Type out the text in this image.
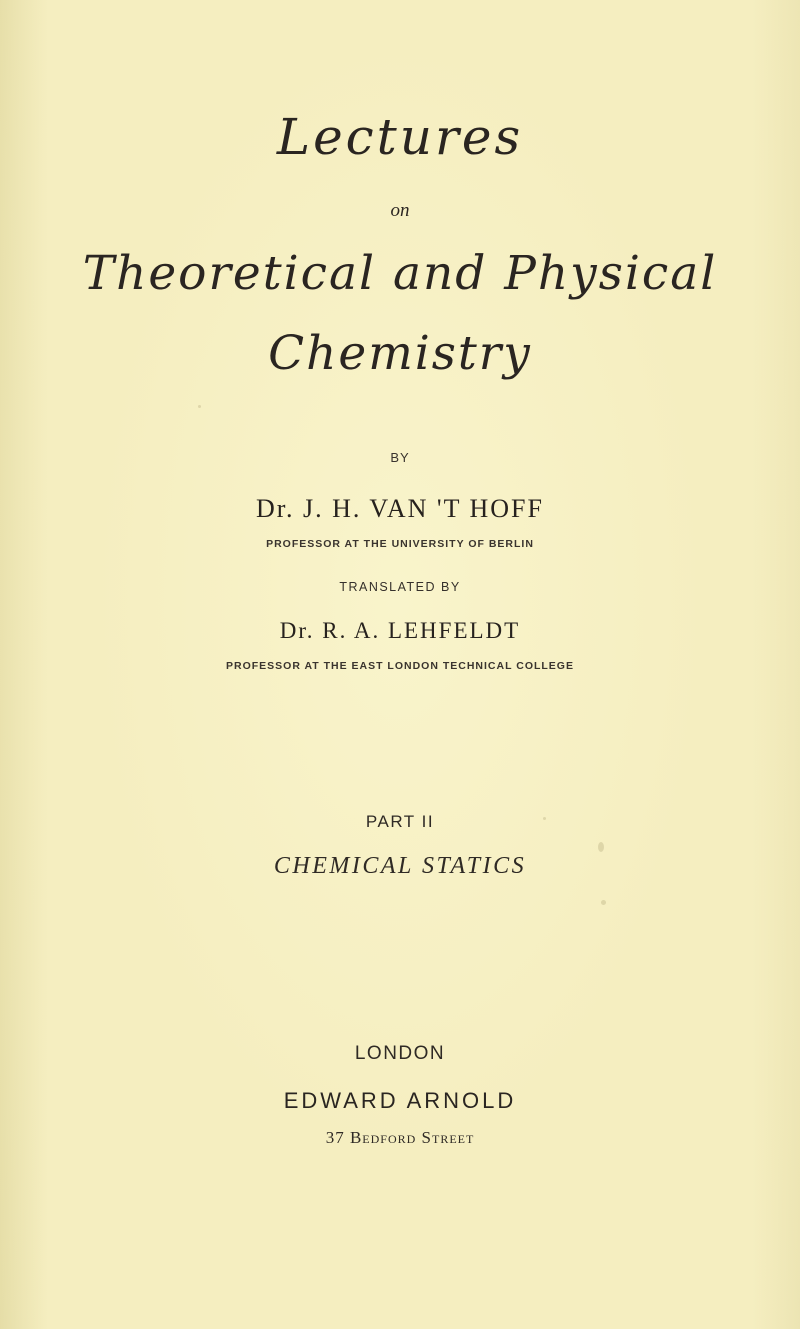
Lectures
on
Theoretical and Physical
Chemistry
BY
Dr. J. H. VAN 'T HOFF
PROFESSOR AT THE UNIVERSITY OF BERLIN
TRANSLATED BY
Dr. R. A. LEHFELDT
PROFESSOR AT THE EAST LONDON TECHNICAL COLLEGE
PART II
CHEMICAL STATICS
LONDON
EDWARD ARNOLD
37 Bedford Street
